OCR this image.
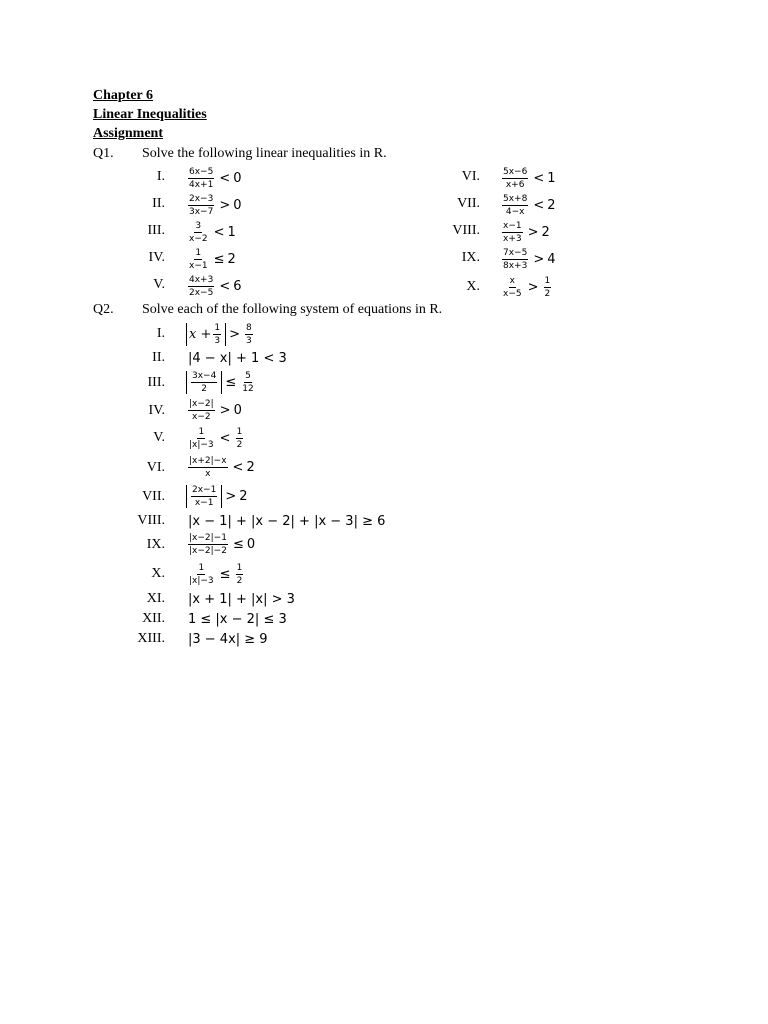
Chapter 6
Linear Inequalities
Assignment
Q1. Solve the following linear inequalities in R.
I.	6x−5
4x+1 < 0
II.	2x−3
3x−7 > 0
III.	3
x−2 < 1
IV.	$\frac{1}{x-1} \le 2$
V.	4x+3
2x−5 < 6
VI.	5x−6
x+6 < 1
VII.	5x+8
4−x < 2
VIII.	x−1
x+3 > 2
IX.	7x−5
8x+3 > 4
X.	x
x−5 > 1
2
Q2. Solve each of the following system of equations in R.
I. $x + \frac{1}{3} > 8$
3
II. |4 − x| + 1 < 3
III.	$\frac{3x-4}{2} \le \frac{5}{12}$
IV.	|x−2|
x−2 > 0
V.	1
|x|−3 < 1
2
VI.	|x+2|−x
x < 2
VII.	$\frac{2x-1}{x-1} > 2$
VIII. |x − 1| + |x − 2| + |x − 3| ≥ 6
IX.	$\frac{|x-2|-1}{|x-2|-2} \le 0$
X.	$\frac{1}{|x|-3} \le \frac{1}{2}$
XI. |x + 1| + |x| > 3
XII. 1 ≤ |x − 2| ≤ 3
XIII. |3 − 4x| ≥ 9
